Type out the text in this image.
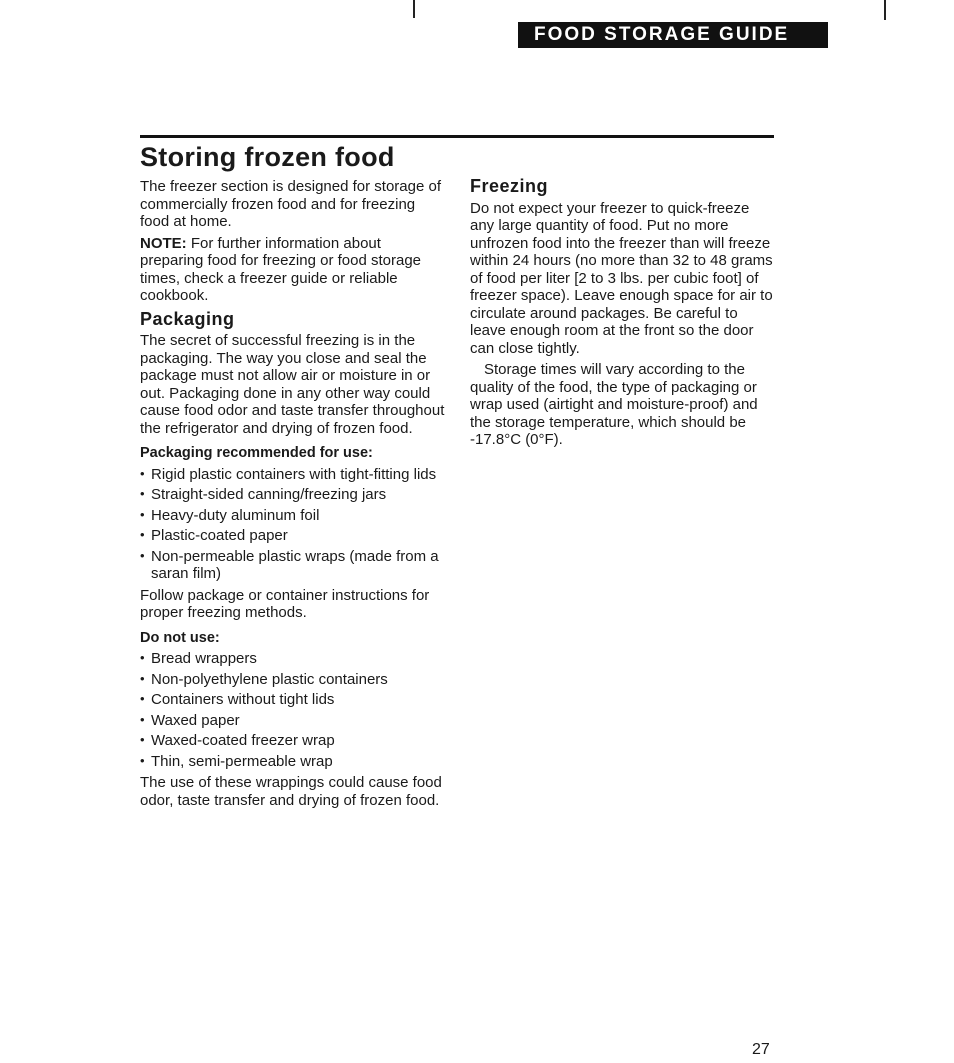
FOOD STORAGE GUIDE
Storing frozen food

The freezer section is designed for storage of commercially frozen food and for freezing food at home.

NOTE: For further information about preparing food for freezing or food storage times, check a freezer guide or reliable cookbook.

Packaging

The secret of successful freezing is in the packaging. The way you close and seal the package must not allow air or moisture in or out. Packaging done in any other way could cause food odor and taste transfer throughout the refrigerator and drying of frozen food.

Packaging recommended for use:
• Rigid plastic containers with tight-fitting lids
• Straight-sided canning/freezing jars
• Heavy-duty aluminum foil
• Plastic-coated paper
• Non-permeable plastic wraps (made from a saran film)

Follow package or container instructions for proper freezing methods.

Do not use:
• Bread wrappers
• Non-polyethylene plastic containers
• Containers without tight lids
• Waxed paper
• Waxed-coated freezer wrap
• Thin, semi-permeable wrap

The use of these wrappings could cause food odor, taste transfer and drying of frozen food.

Freezing

Do not expect your freezer to quick-freeze any large quantity of food. Put no more unfrozen food into the freezer than will freeze within 24 hours (no more than 32 to 48 grams of food per liter [2 to 3 lbs. per cubic foot] of freezer space). Leave enough space for air to circulate around packages. Be careful to leave enough room at the front so the door can close tightly.

Storage times will vary according to the quality of the food, the type of packaging or wrap used (airtight and moisture-proof) and the storage temperature, which should be -17.8°C (0°F).

27
